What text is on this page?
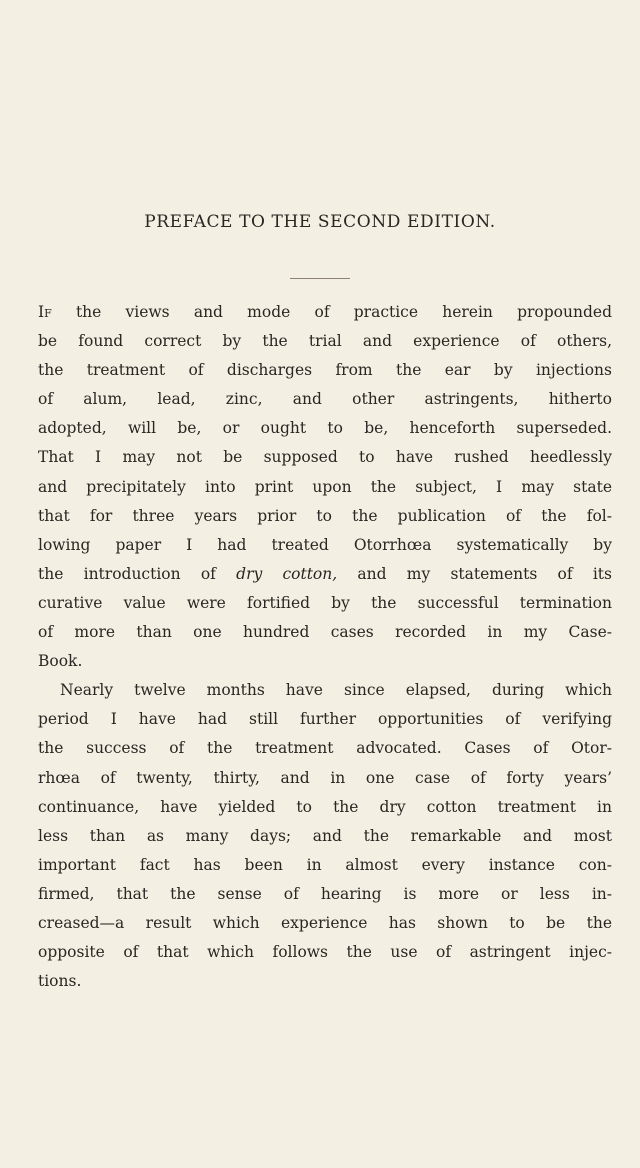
PREFACE TO THE SECOND EDITION.
If the views and mode of practice herein propounded
be found correct by the trial and experience of others,
the treatment of discharges from the ear by injections
of alum, lead, zinc, and other astringents, hitherto
adopted, will be, or ought to be, henceforth superseded.
That I may not be supposed to have rushed heedlessly
and precipitately into print upon the subject, I may state
that for three years prior to the publication of the fol-
lowing paper I had treated Otorrhœa systematically by
the introduction of dry cotton, and my statements of its
curative value were fortified by the successful termination
of more than one hundred cases recorded in my Case-
Book.
Nearly twelve months have since elapsed, during which
period I have had still further opportunities of verifying
the success of the treatment advocated. Cases of Otor-
rhœa of twenty, thirty, and in one case of forty years’
continuance, have yielded to the dry cotton treatment in
less than as many days; and the remarkable and most
important fact has been in almost every instance con-
firmed, that the sense of hearing is more or less in-
creased—a result which experience has shown to be the
opposite of that which follows the use of astringent injec-
tions.
